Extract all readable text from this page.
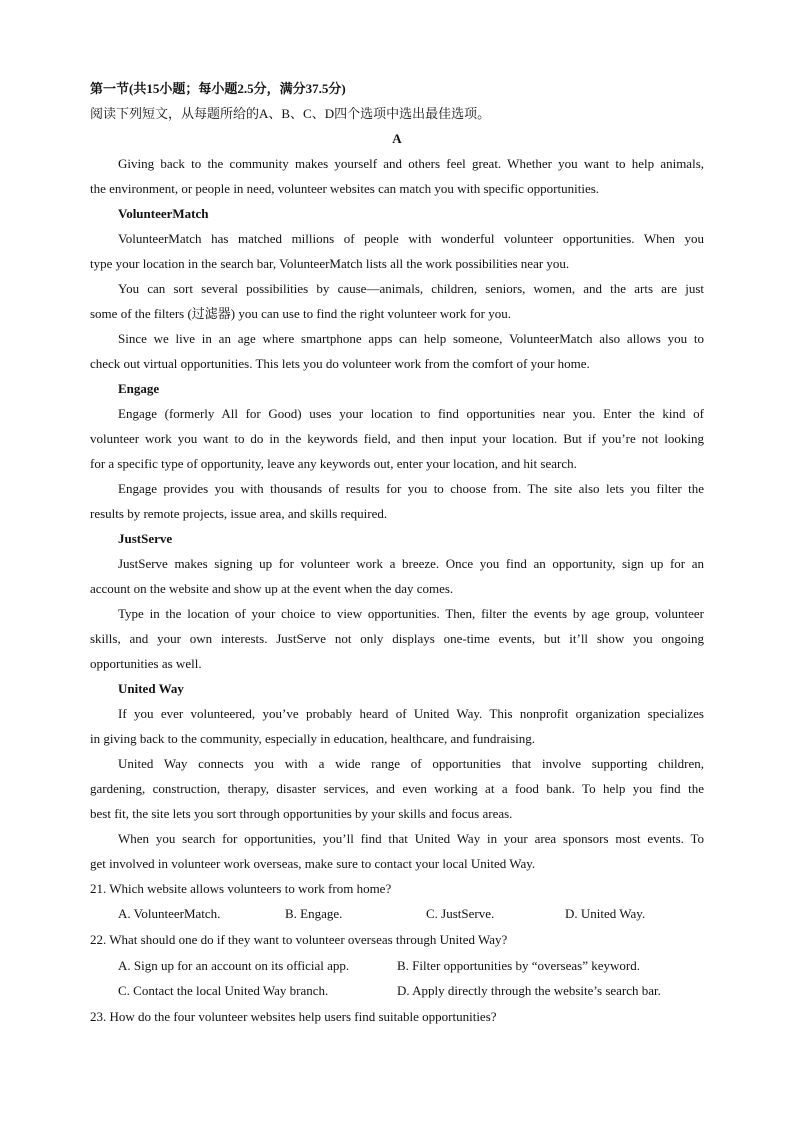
第一节(共15小题；每小题2.5分，满分37.5分)
阅读下列短文，从每题所给的A、B、C、D四个选项中选出最佳选项。
A
Giving back to the community makes yourself and others feel great. Whether you want to help animals,
the environment, or people in need, volunteer websites can match you with specific opportunities.
VolunteerMatch
VolunteerMatch has matched millions of people with wonderful volunteer opportunities. When you
type your location in the search bar, VolunteerMatch lists all the work possibilities near you.
You can sort several possibilities by cause—animals, children, seniors, women, and the arts are just
some of the filters (过滤器) you can use to find the right volunteer work for you.
Since we live in an age where smartphone apps can help someone, VolunteerMatch also allows you to
check out virtual opportunities. This lets you do volunteer work from the comfort of your home.
Engage
Engage (formerly All for Good) uses your location to find opportunities near you. Enter the kind of
volunteer work you want to do in the keywords field, and then input your location. But if you’re not looking
for a specific type of opportunity, leave any keywords out, enter your location, and hit search.
Engage provides you with thousands of results for you to choose from. The site also lets you filter the
results by remote projects, issue area, and skills required.
JustServe
JustServe makes signing up for volunteer work a breeze. Once you find an opportunity, sign up for an
account on the website and show up at the event when the day comes.
Type in the location of your choice to view opportunities. Then, filter the events by age group, volunteer
skills, and your own interests. JustServe not only displays one-time events, but it’ll show you ongoing
opportunities as well.
United Way
If you ever volunteered, you’ve probably heard of United Way. This nonprofit organization specializes
in giving back to the community, especially in education, healthcare, and fundraising.
United Way connects you with a wide range of opportunities that involve supporting children,
gardening, construction, therapy, disaster services, and even working at a food bank. To help you find the
best fit, the site lets you sort through opportunities by your skills and focus areas.
When you search for opportunities, you’ll find that United Way in your area sponsors most events. To
get involved in volunteer work overseas, make sure to contact your local United Way.
21. Which website allows volunteers to work from home?
A. VolunteerMatch.	B. Engage.	C. JustServe.	D. United Way.
22. What should one do if they want to volunteer overseas through United Way?
A. Sign up for an account on its official app.	B. Filter opportunities by “overseas” keyword.
C. Contact the local United Way branch.	D. Apply directly through the website’s search bar.
23. How do the four volunteer websites help users find suitable opportunities?
